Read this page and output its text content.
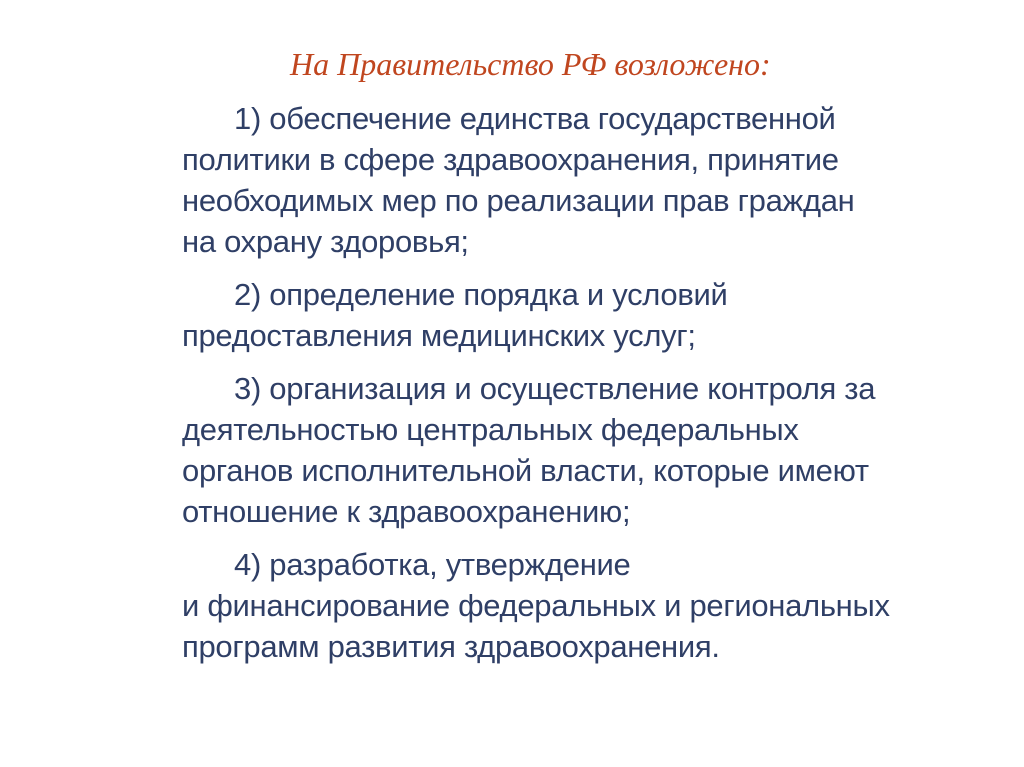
На Правительство РФ возложено:

1) обеспечение единства государственной
политики в сфере здравоохранения, принятие
необходимых мер по реализации прав граждан
на охрану здоровья;

2) определение порядка и условий
предоставления медицинских услуг;

3) организация и осуществление контроля за
деятельностью центральных федеральных
органов исполнительной власти, которые имеют
отношение к здравоохранению;

4) разработка, утверждение
и финансирование федеральных и региональных
программ развития здравоохранения.
